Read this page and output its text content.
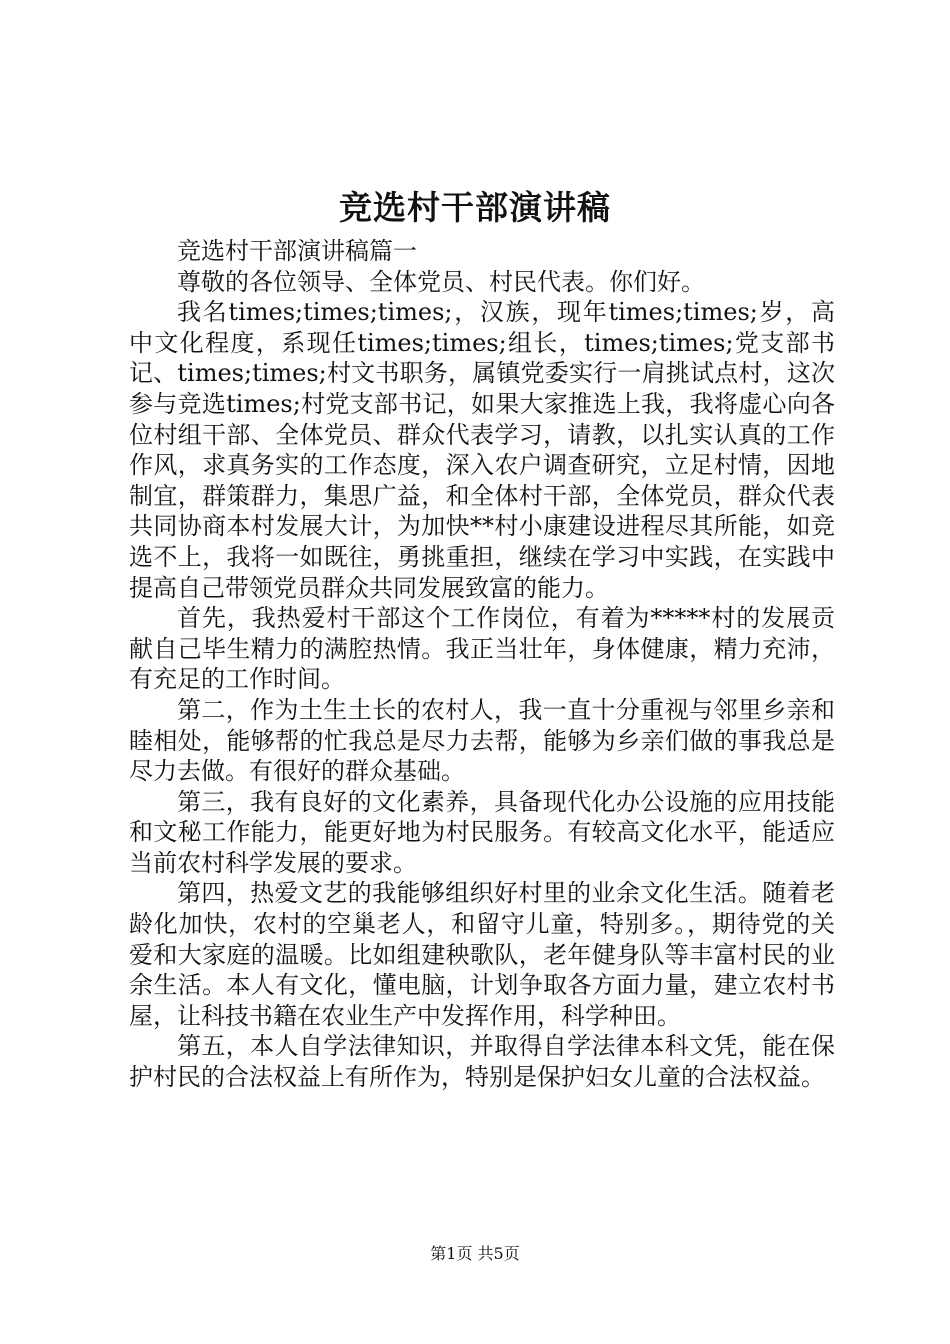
竞选村干部演讲稿

竞选村干部演讲稿篇一

尊敬的各位领导、全体党员、村民代表。你们好。

我名times;times;times;，汉族，现年times;times;岁，高中文化程度，系现任times;times;组长，times;times;党支部书记、times;times;村文书职务，属镇党委实行一肩挑试点村，这次参与竞选times;村党支部书记，如果大家推选上我，我将虚心向各位村组干部、全体党员、群众代表学习，请教，以扎实认真的工作作风，求真务实的工作态度，深入农户调查研究，立足村情，因地制宜，群策群力，集思广益，和全体村干部，全体党员，群众代表共同协商本村发展大计，为加快**村小康建设进程尽其所能，如竞选不上，我将一如既往，勇挑重担，继续在学习中实践，在实践中提高自己带领党员群众共同发展致富的能力。

首先，我热爱村干部这个工作岗位，有着为*****村的发展贡献自己毕生精力的满腔热情。我正当壮年，身体健康，精力充沛，有充足的工作时间。

第二，作为土生土长的农村人，我一直十分重视与邻里乡亲和睦相处，能够帮的忙我总是尽力去帮，能够为乡亲们做的事我总是尽力去做。有很好的群众基础。

第三，我有良好的文化素养，具备现代化办公设施的应用技能和文秘工作能力，能更好地为村民服务。有较高文化水平，能适应当前农村科学发展的要求。

第四，热爱文艺的我能够组织好村里的业余文化生活。随着老龄化加快，农村的空巢老人，和留守儿童，特别多。，期待党的关爱和大家庭的温暖。比如组建秧歌队，老年健身队等丰富村民的业余生活。本人有文化，懂电脑，计划争取各方面力量，建立农村书屋，让科技书籍在农业生产中发挥作用，科学种田。

第五，本人自学法律知识，并取得自学法律本科文凭，能在保护村民的合法权益上有所作为，特别是保护妇女儿童的合法权益。

第1页 共5页
